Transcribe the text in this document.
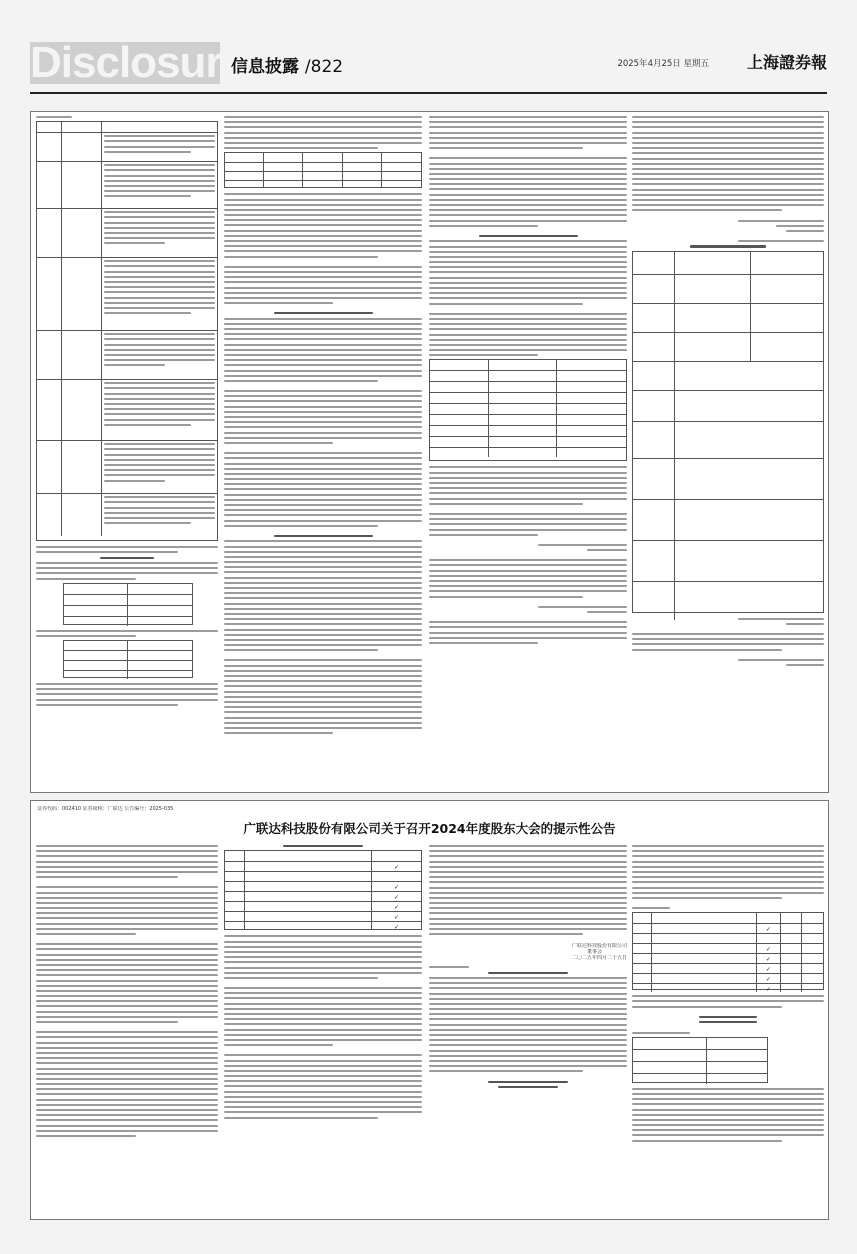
Disclosure
信息披露 /822	2025年4月25日 星期五 上海證券報
证券代码：002410 证券简称：广联达 公告编号：2025-035
广联达科技股份有限公司关于召开2024年度股东大会的提示性公告
✓
✓
✓
✓
✓
✓
广联达科技股份有限公司
董事会
二〇二五年四月二十五日
✓
✓
✓
✓
✓
✓
